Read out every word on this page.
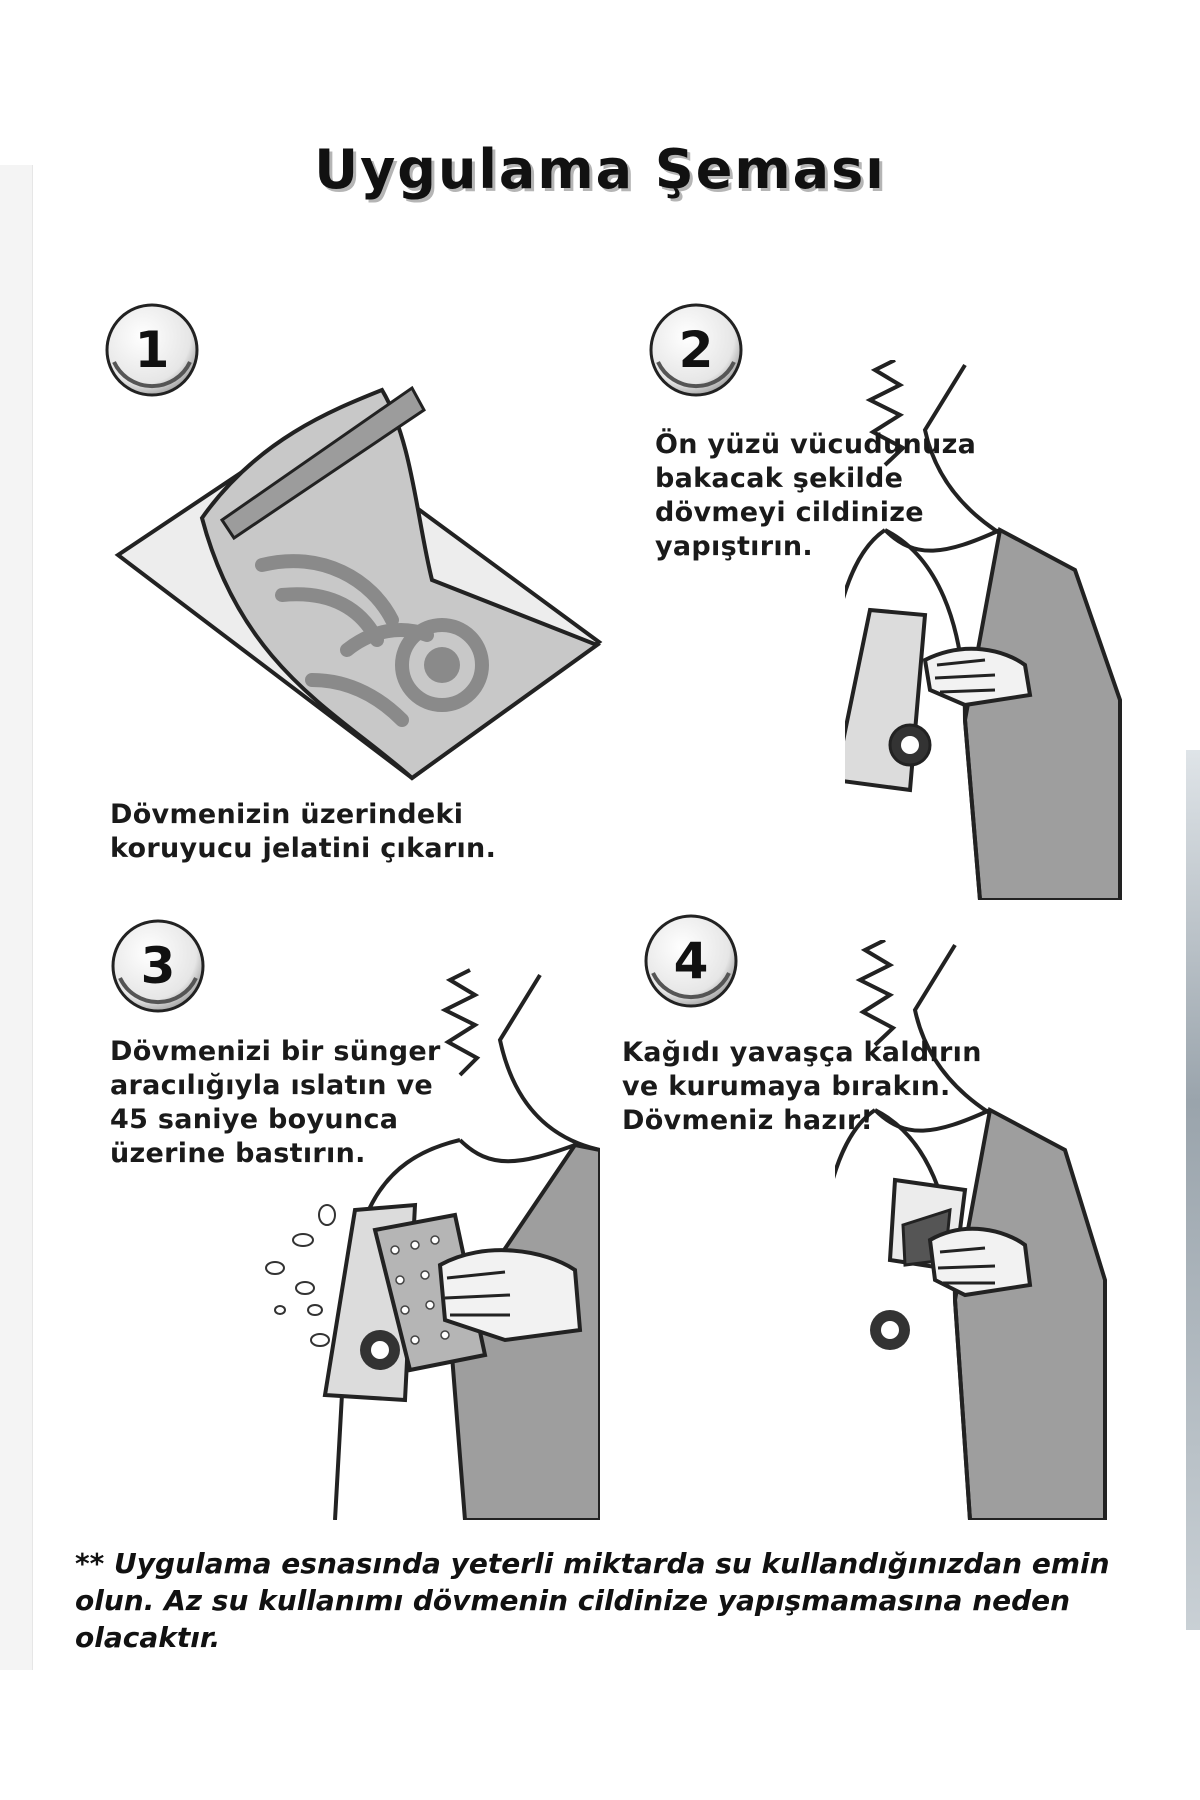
Uygulama Şeması
1
Dövmenizin üzerindeki koruyucu jelatini çıkarın.
2
Ön yüzü vücudunuza bakacak şekilde dövmeyi cildinize yapıştırın.
3
Dövmenizi bir sünger aracılığıyla ıslatın ve 45 saniye boyunca üzerine bastırın.
4
Kağıdı yavaşça kaldırın ve kurumaya bırakın. Dövmeniz hazır!
** Uygulama esnasında yeterli miktarda su kullandığınızdan emin olun. Az su kullanımı dövmenin cildinize yapışmamasına neden olacaktır.
